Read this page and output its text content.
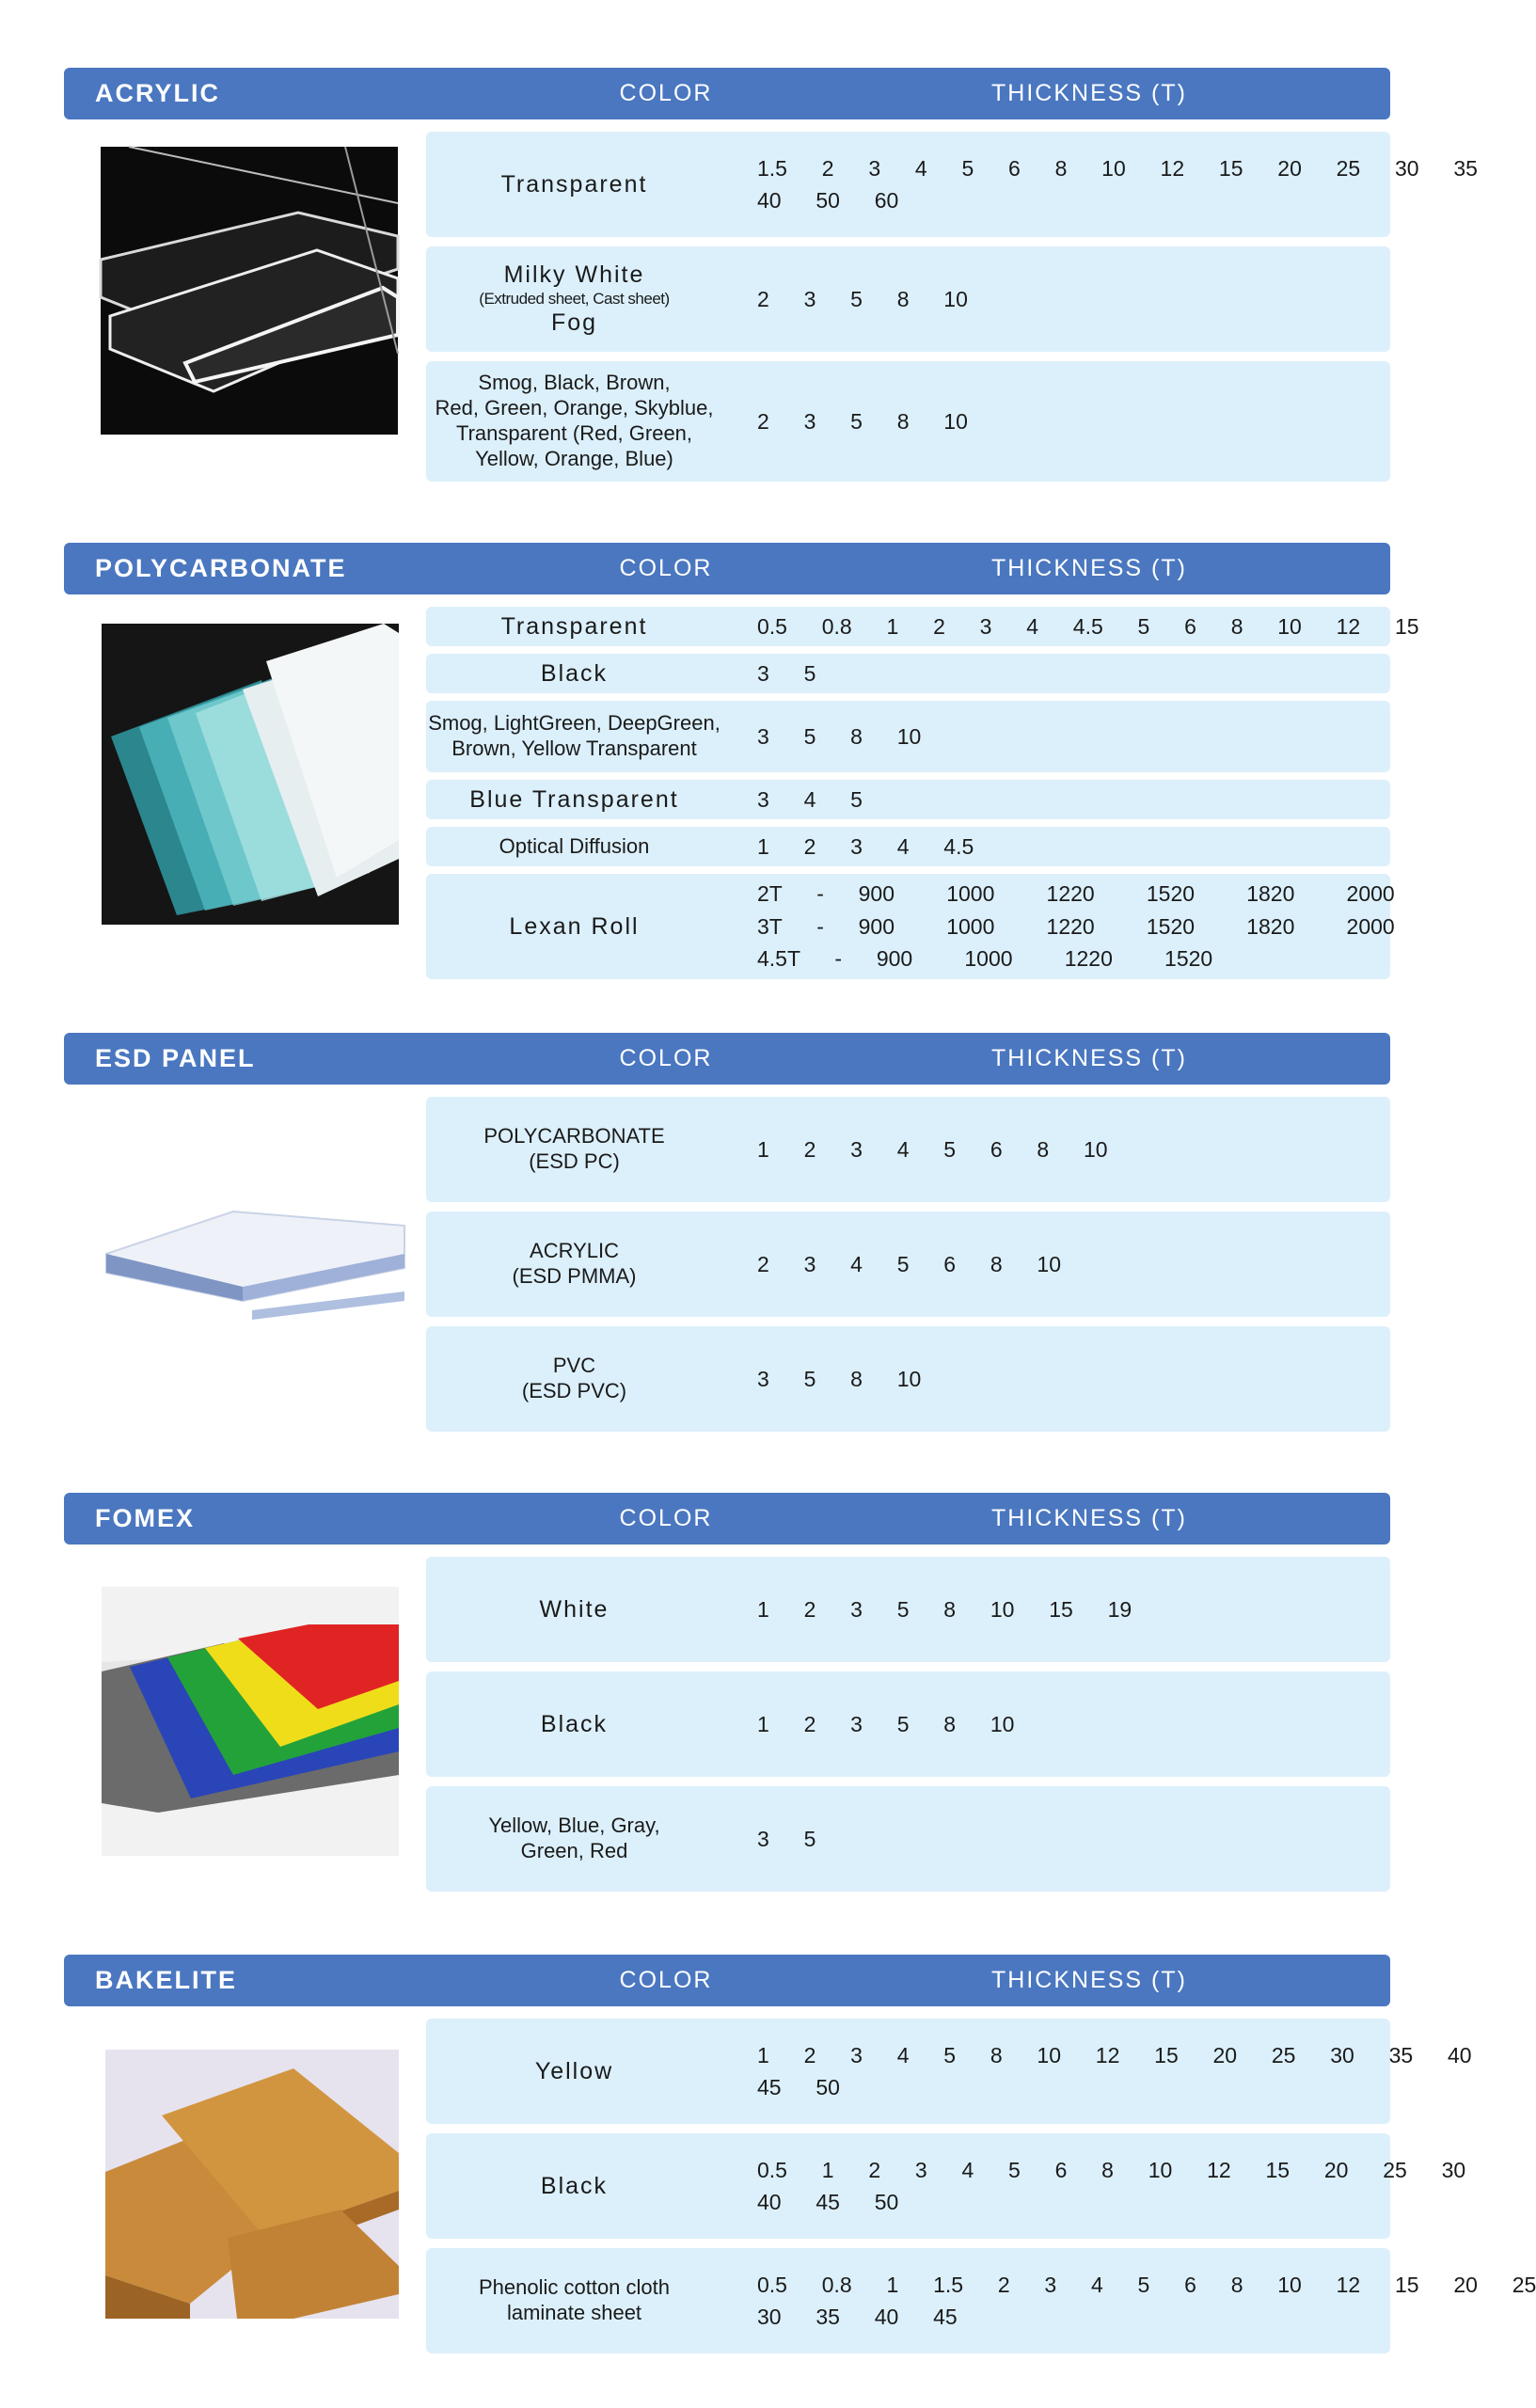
ACRYLIC	COLOR	THICKNESS (T)
Transparent
1.5  2  3  4  5  6  8  10  12  15  20  25  30  35
40  50  60
Milky White
(Extruded sheet, Cast sheet)
Fog
2  3  5  8  10
Smog, Black, Brown,
Red, Green, Orange, Skyblue,
Transparent (Red, Green,
Yellow, Orange, Blue)
2  3  5  8  10
POLYCARBONATE	COLOR	THICKNESS (T)
Transparent	0.5  0.8  1  2  3  4  4.5  5  6  8  10  12  15
Black	3  5
Smog, LightGreen, DeepGreen,
Brown, Yellow Transparent	3  5  8  10
Blue Transparent	3  4  5
Optical Diffusion	1  2  3  4  4.5
Lexan Roll
2T  -  900   1000   1220   1520   1820   2000
3T  -  900   1000   1220   1520   1820   2000
4.5T  -  900   1000   1220   1520
ESD PANEL	COLOR	THICKNESS (T)
POLYCARBONATE
(ESD PC)	1  2  3  4  5  6  8  10
ACRYLIC
(ESD PMMA)	2  3  4  5  6  8  10
PVC
(ESD PVC)	3  5  8  10
FOMEX	COLOR	THICKNESS (T)
White	1  2  3  5  8  10  15  19
Black	1  2  3  5  8  10
Yellow, Blue, Gray,
Green, Red	3  5
BAKELITE	COLOR	THICKNESS (T)
Yellow
1  2  3  4  5  8  10  12  15  20  25  30  35  40
45  50
Black
0.5  1  2  3  4  5  6  8  10  12  15  20  25  30
40  45  50
Phenolic cotton cloth
laminate sheet
0.5  0.8  1  1.5  2  3  4  5  6  8  10  12  15  20  25
30  35  40  45
